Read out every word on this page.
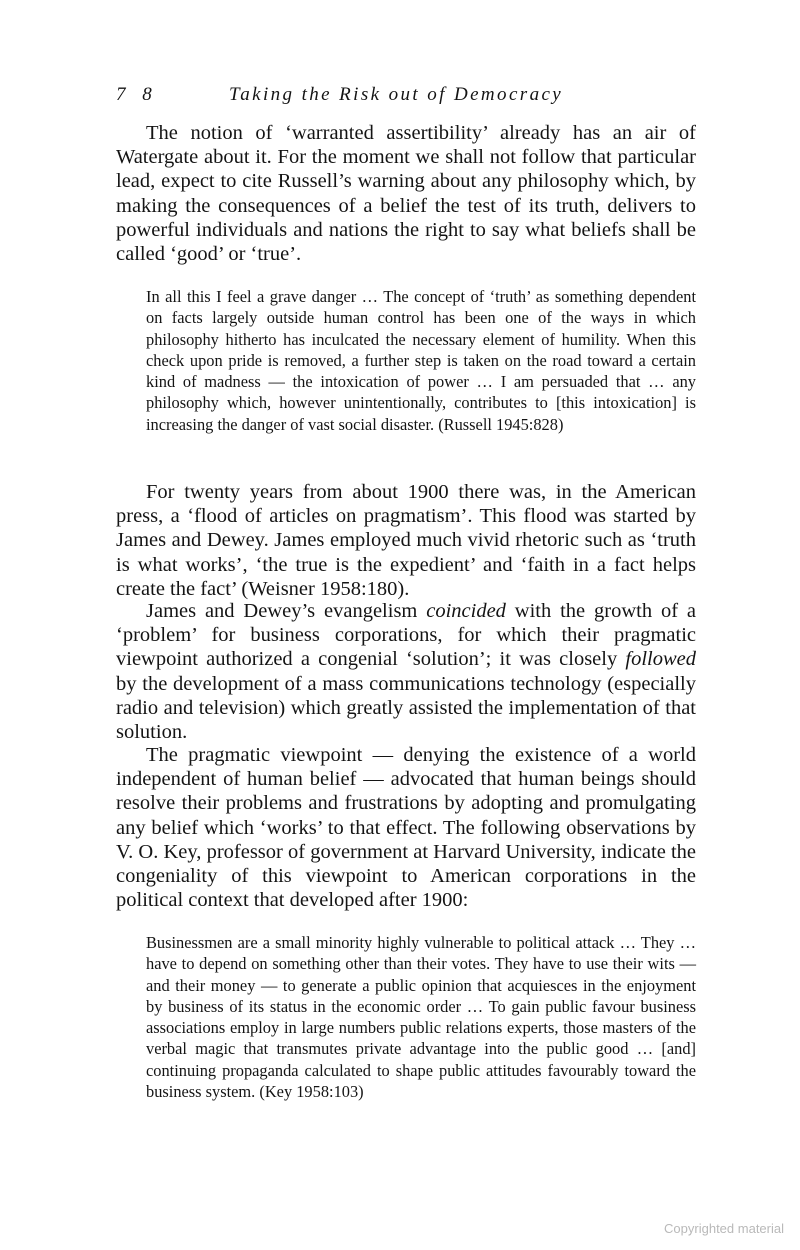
7 8	Taking the Risk out of Democracy

The notion of ‘warranted assertibility’ already has an air of Watergate about it. For the moment we shall not follow that particular lead, expect to cite Russell’s warning about any philosophy which, by making the consequences of a belief the test of its truth, delivers to powerful individuals and nations the right to say what beliefs shall be called ‘good’ or ‘true’.

In all this I feel a grave danger … The concept of ‘truth’ as something dependent on facts largely outside human control has been one of the ways in which philosophy hitherto has inculcated the necessary element of humility. When this check upon pride is removed, a further step is taken on the road toward a certain kind of madness — the intoxication of power … I am persuaded that … any philosophy which, however unintentionally, contributes to [this intoxication] is increasing the danger of vast social disaster. (Russell 1945:828)

For twenty years from about 1900 there was, in the American press, a ‘flood of articles on pragmatism’. This flood was started by James and Dewey. James employed much vivid rhetoric such as ‘truth is what works’, ‘the true is the expedient’ and ‘faith in a fact helps create the fact’ (Weisner 1958:180).

James and Dewey’s evangelism coincided with the growth of a ‘problem’ for business corporations, for which their pragmatic viewpoint authorized a congenial ‘solution’; it was closely followed by the development of a mass communications technology (especially radio and television) which greatly assisted the implementation of that solution.

The pragmatic viewpoint — denying the existence of a world independent of human belief — advocated that human beings should resolve their problems and frustrations by adopting and promulgating any belief which ‘works’ to that effect. The following observations by V. O. Key, professor of government at Harvard University, indicate the congeniality of this viewpoint to American corporations in the political context that developed after 1900:

Businessmen are a small minority highly vulnerable to political attack … They … have to depend on something other than their votes. They have to use their wits — and their money — to generate a public opinion that acquiesces in the enjoyment by business of its status in the economic order … To gain public favour business associations employ in large numbers public relations experts, those masters of the verbal magic that transmutes private advantage into the public good … [and] continuing propaganda calculated to shape public attitudes favourably toward the business system. (Key 1958:103)

Copyrighted material
